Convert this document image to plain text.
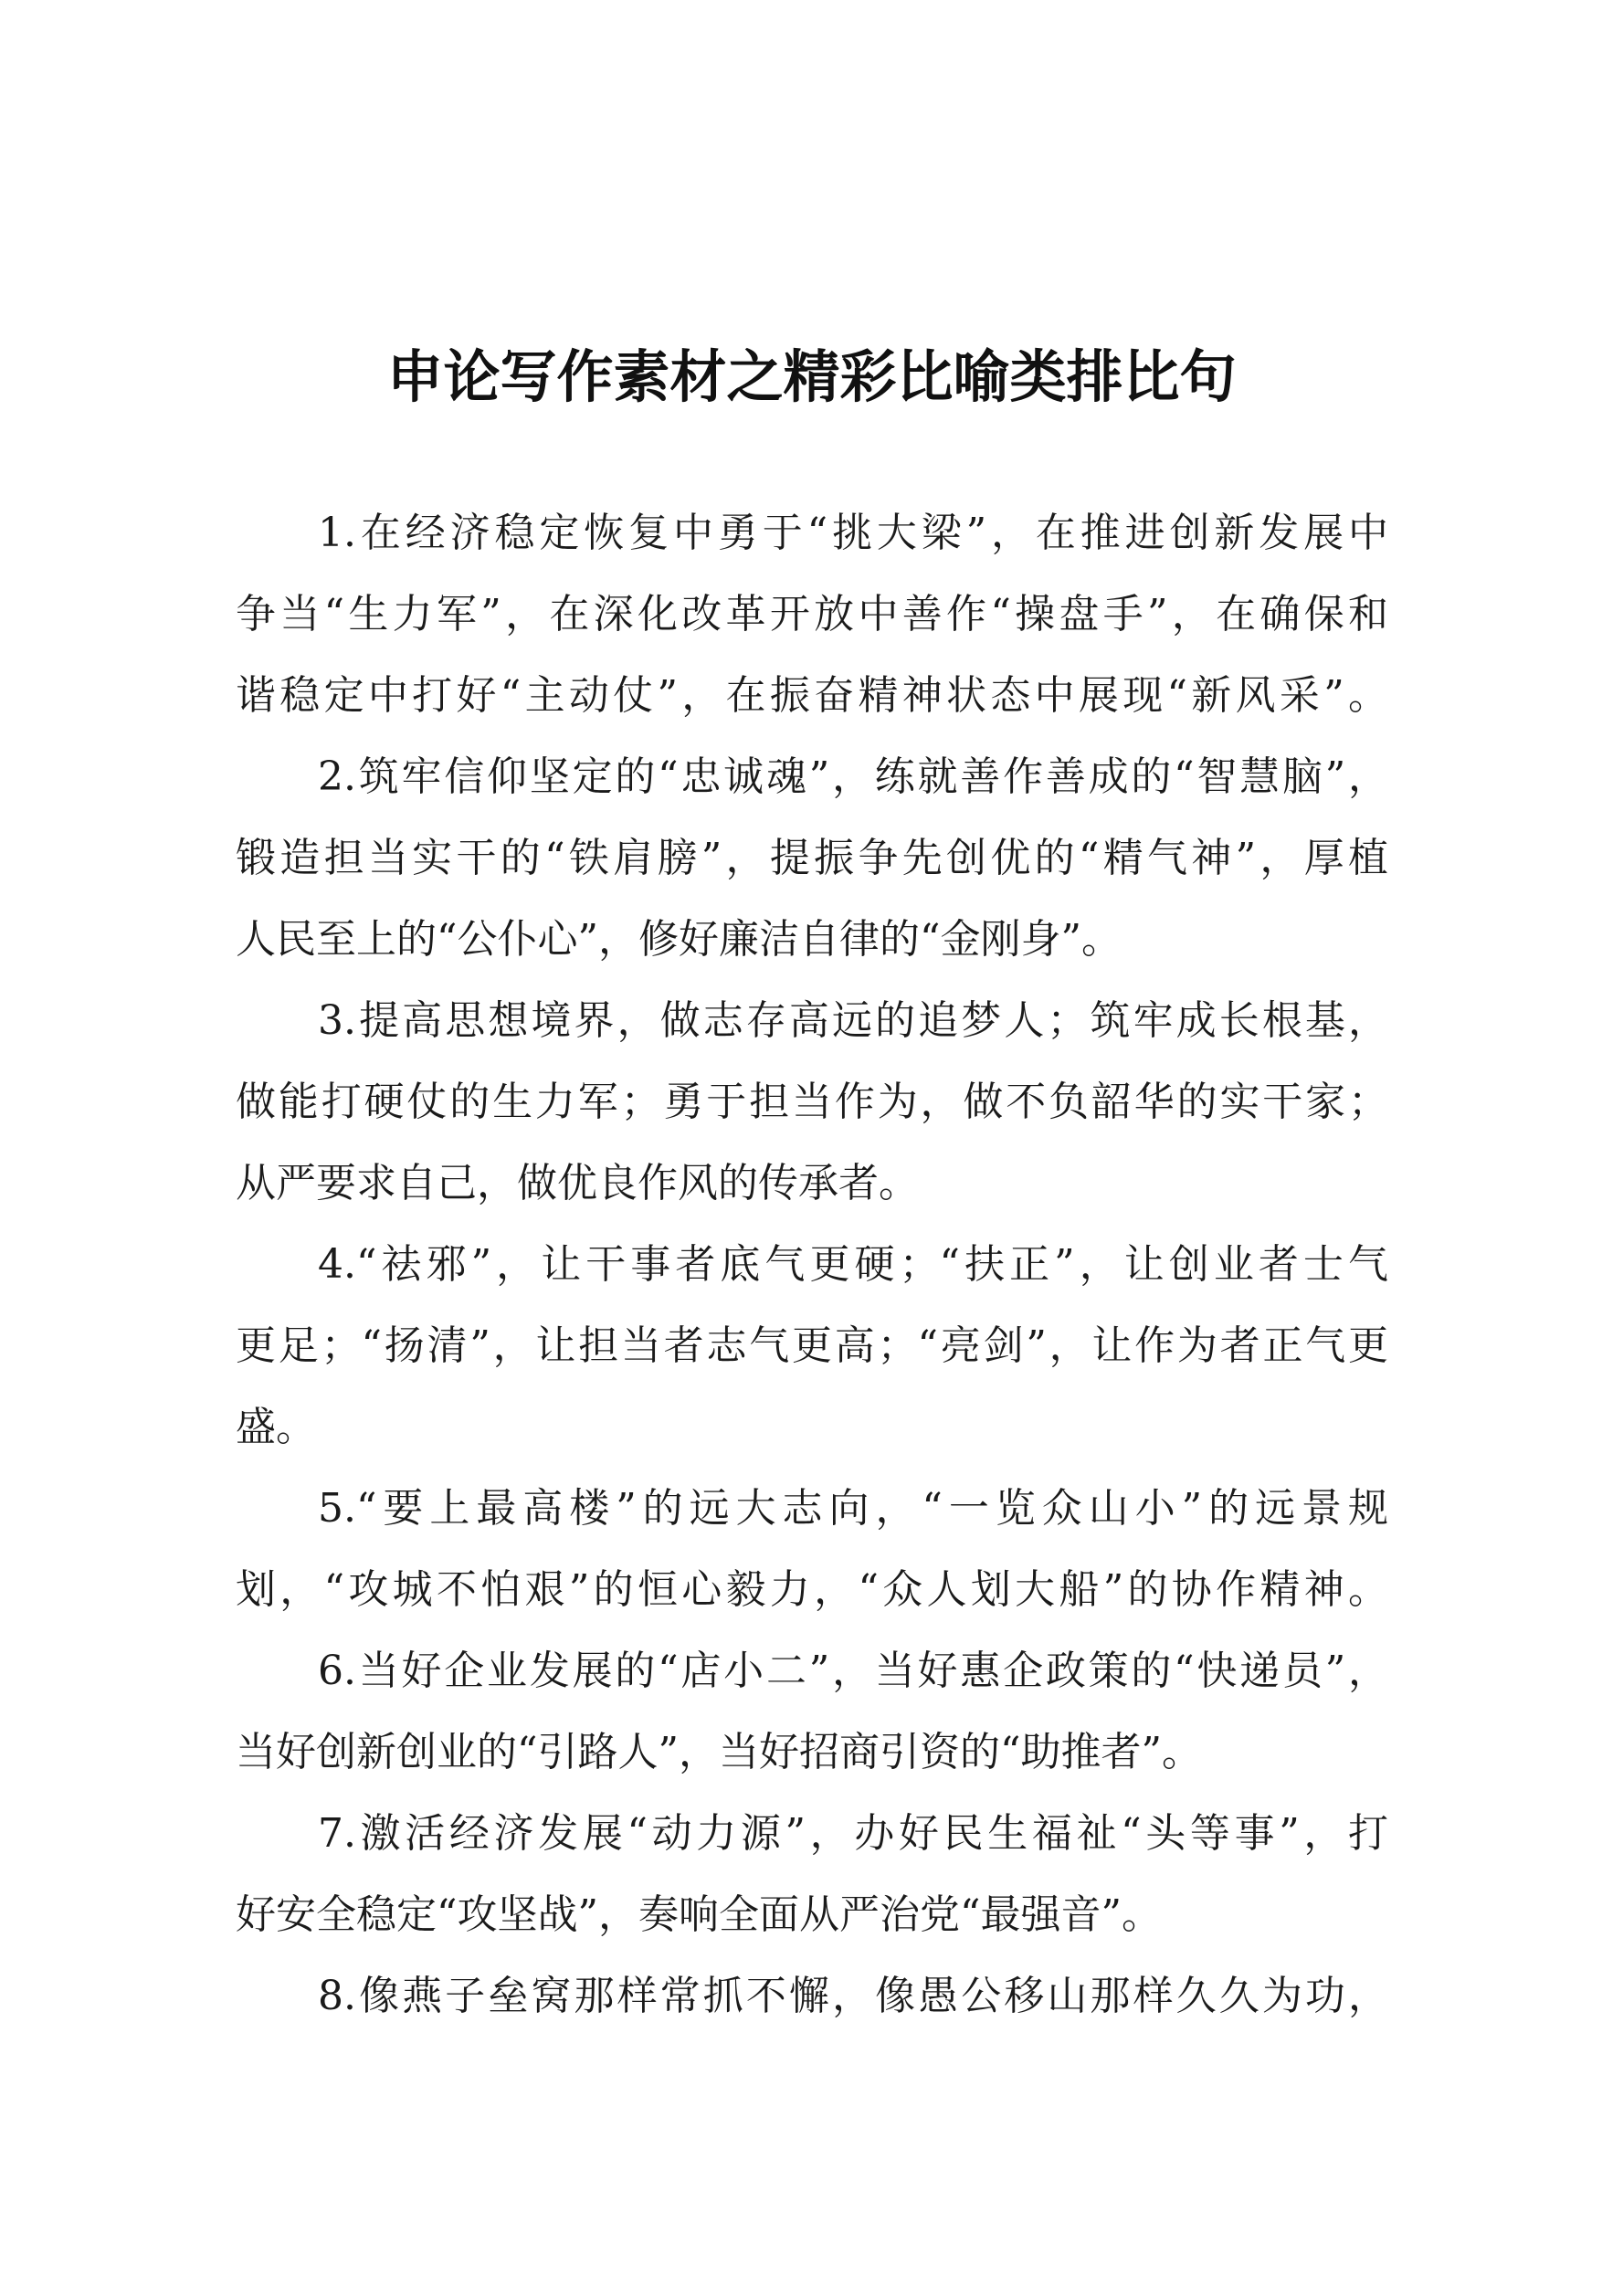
申论写作素材之精彩比喻类排比句
1.在经济稳定恢复中勇于“挑大梁”，在推进创新发展中
争当“生力军”，在深化改革开放中善作“操盘手”，在确保和
谐稳定中打好“主动仗”，在振奋精神状态中展现“新风采”。
2.筑牢信仰坚定的“忠诚魂”，练就善作善成的“智慧脑”，
锻造担当实干的“铁肩膀”，提振争先创优的“精气神”，厚植
人民至上的“公仆心”，修好廉洁自律的“金刚身”。
3.提高思想境界，做志存高远的追梦人；筑牢成长根基，
做能打硬仗的生力军；勇于担当作为，做不负韶华的实干家；
从严要求自己，做优良作风的传承者。
4.“祛邪”，让干事者底气更硬；“扶正”，让创业者士气
更足；“扬清”，让担当者志气更高；“亮剑”，让作为者正气更
盛。
5.“要上最高楼”的远大志向，“一览众山小”的远景规
划，“攻城不怕艰”的恒心毅力，“众人划大船”的协作精神。
6.当好企业发展的“店小二”，当好惠企政策的“快递员”，
当好创新创业的“引路人”，当好招商引资的“助推者”。
7.激活经济发展“动力源”，办好民生福祉“头等事”，打
好安全稳定“攻坚战”，奏响全面从严治党“最强音”。
8.像燕子垒窝那样常抓不懈，像愚公移山那样久久为功，
